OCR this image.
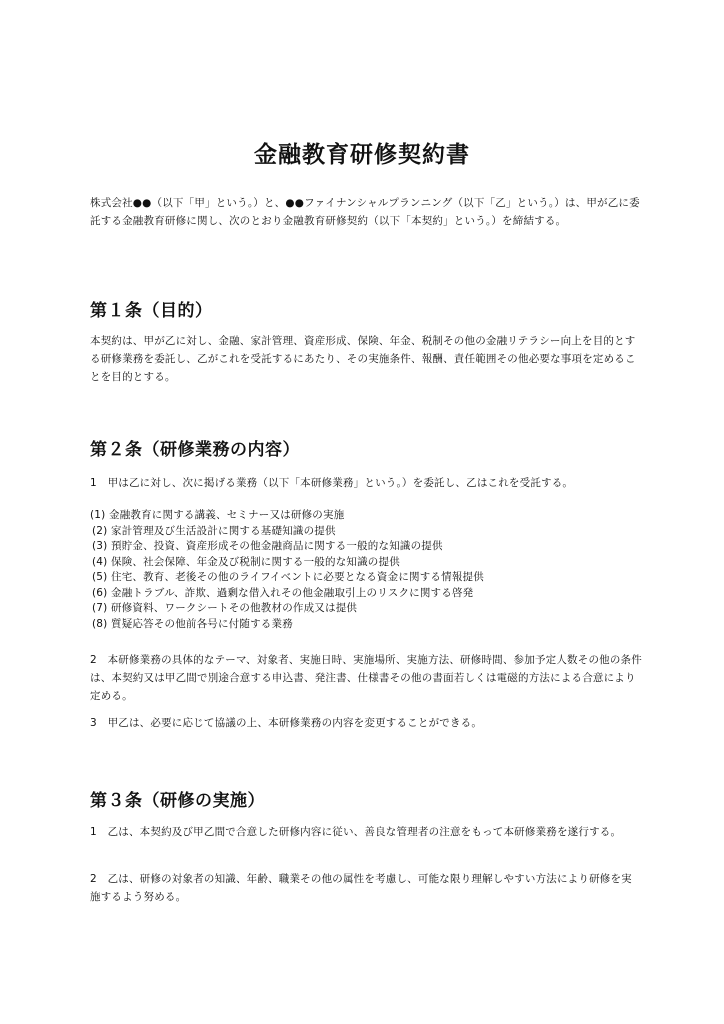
金融教育研修契約書

株式会社●●（以下「甲」という。）と、●●ファイナンシャルプランニング（以下「乙」という。）は、甲が乙に委託する金融教育研修に関し、次のとおり金融教育研修契約（以下「本契約」という。）を締結する。

第１条（目的）

本契約は、甲が乙に対し、金融、家計管理、資産形成、保険、年金、税制その他の金融リテラシー向上を目的とする研修業務を委託し、乙がこれを受託するにあたり、その実施条件、報酬、責任範囲その他必要な事項を定めることを目的とする。

第２条（研修業務の内容）

1　甲は乙に対し、次に掲げる業務（以下「本研修業務」という。）を委託し、乙はこれを受託する。

(1) 金融教育に関する講義、セミナー又は研修の実施
(2) 家計管理及び生活設計に関する基礎知識の提供
(3) 預貯金、投資、資産形成その他金融商品に関する一般的な知識の提供
(4) 保険、社会保障、年金及び税制に関する一般的な知識の提供
(5) 住宅、教育、老後その他のライフイベントに必要となる資金に関する情報提供
(6) 金融トラブル、詐欺、過剰な借入れその他金融取引上のリスクに関する啓発
(7) 研修資料、ワークシートその他教材の作成又は提供
(8) 質疑応答その他前各号に付随する業務

2　本研修業務の具体的なテーマ、対象者、実施日時、実施場所、実施方法、研修時間、参加予定人数その他の条件は、本契約又は甲乙間で別途合意する申込書、発注書、仕様書その他の書面若しくは電磁的方法による合意により定める。

3　甲乙は、必要に応じて協議の上、本研修業務の内容を変更することができる。

第３条（研修の実施）

1　乙は、本契約及び甲乙間で合意した研修内容に従い、善良な管理者の注意をもって本研修業務を遂行する。

2　乙は、研修の対象者の知識、年齢、職業その他の属性を考慮し、可能な限り理解しやすい方法により研修を実施するよう努める。
